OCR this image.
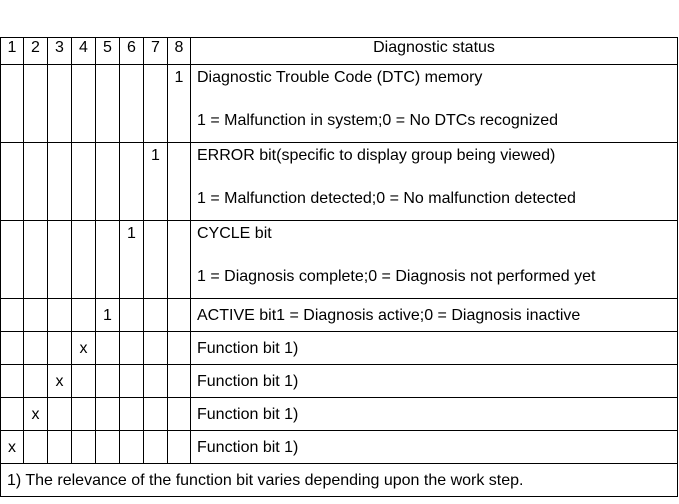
1	2	3	4	5	6	7	8	Diagnostic status
							1	Diagnostic Trouble Code (DTC) memory
1 = Malfunction in system;0 = No DTCs recognized

						1		ERROR bit(specific to display group being viewed)
1 = Malfunction detected;0 = No malfunction detected

					1			CYCLE bit
1 = Diagnosis complete;0 = Diagnosis not performed yet

				1				ACTIVE bit1 = Diagnosis active;0 = Diagnosis inactive
			x					Function bit 1)
		x						Function bit 1)
	x							Function bit 1)
x								Function bit 1)
1) The relevance of the function bit varies depending upon the work step.								
